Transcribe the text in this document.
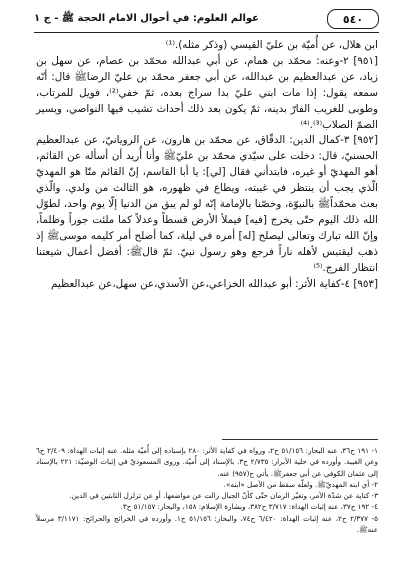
٥٤٠
عوالم العلوم: في أحوال الامام الحجة ﷺ - ج ١

ابن هلال، عن أُميّة بن عليّ القيسي (وذكر مثله).⁽¹⁾

[٩٥١] ٢-وعنه: محمّد بن همام، عن أبي عبدالله محمّد بن عصام، عن سهل بن زياد، عن عبدالعظيم بن عبدالله، عن أبي جعفر محمّد بن عليّ الرضاﷺ قال: أنّه سمعه يقول: إذا مات ابني عليّ بدا سراج بعده، ثمّ خفي⁽²⁾، فويل للمرتاب، وطوبى للغريب الفارّ بدينه، ثمّ يكون بعد ذلك أحداث تشيب فيها النواصي، ويسير الصمّ الصلاب⁽³⁾.⁽⁴⁾

[٩٥٢] ٣-كمال الدين: الدقّاق، عن محمّد بن هارون، عن الرويانيّ، عن عبدالعظيم الحسنيّ، قال: دخلت على سيّدي محمّد بن عليّﷺ وأنا أُريد أن أسأله عن القائم، أهو المهديّ أو غيره، فابتدأني فقال [لي]: يا أبا القاسم، إنّ القائم منّا هو المهديّ الّذي يجب أن ينتظر في غيبته، ويطاع في ظهوره، هو الثالث من ولدي. والّذي بعث محمّداًﷺ بالنبوّة، وخصّنا بالإمامة إنّه لو لم يبق من الدنيا إلّا يوم واحد، لطوّل الله ذلك اليوم حتّى يخرج [فيه] فيملأ الأرض قسطاً وعدلاً كما ملئت جوراً وظلماً، وإنّ الله تبارك وتعالى ليصلح [له] أمره في ليلة، كما أصلح أمر كليمه موسىﷺ إذ ذهب ليقتبس لأهله ناراً فرجع وهو رسول نبيّ. ثمّ قالﷺ: أفضل أعمال شيعتنا انتظار الفرج.⁽⁵⁾

[٩٥٣] ٤-كفاية الأثر: أبو عبدالله الخزاعي،عن الأسدي،عن سهل،عن عبدالعظيم

١- ١٩١ ح٣٦، عنه البحار: ٥١/١٥٦ ح٢، ورواه في كفاية الأثر: ٢٨٠ بإسناده إلى أُميّة مثله. عنه إثبات الهداة: ٢/٤٠٩ ح٦ وعن الغيبة. وأورده في حلية الأبرار: ٢/٧٣٥ ح٣. بالإسناد إلى أُميّة. وروى المسعوديّ في إثبات الوصيّة: ٢٢١ بالإسناد إلى عثمان الكوفي عن أبي جعفرﷺ. يأتي ح(٩٥٧) عنه.

٢- أي ابنه المهديّﷺ. ولعلّه سقط من الأصل «ابنه».

٣- كناية عن شدّة الأمر، وتغيّر الزمان حتّى كأنّ الجبال زالت عن مواضعها. أو عن تزلزل الثابتين في الدين.

٤- ١٩٢ ح٣٧، عنه إثبات الهداة: ٣/٧١٧ ح٣٨٢، وبشارة الإسلام: ١٥٨، والبحار: ٥١/١٥٧ ح٣.

٥- ٢/٣٧٧ ح٢، عنه إثبات الهداة: ٦/٤٢٠ ح٧٤، والبحار: ٥١/١٥٦ ح١. وأورده في الخرائج والجرائح: ٣/١١٧١ مرسلاً عنهﷺ.
